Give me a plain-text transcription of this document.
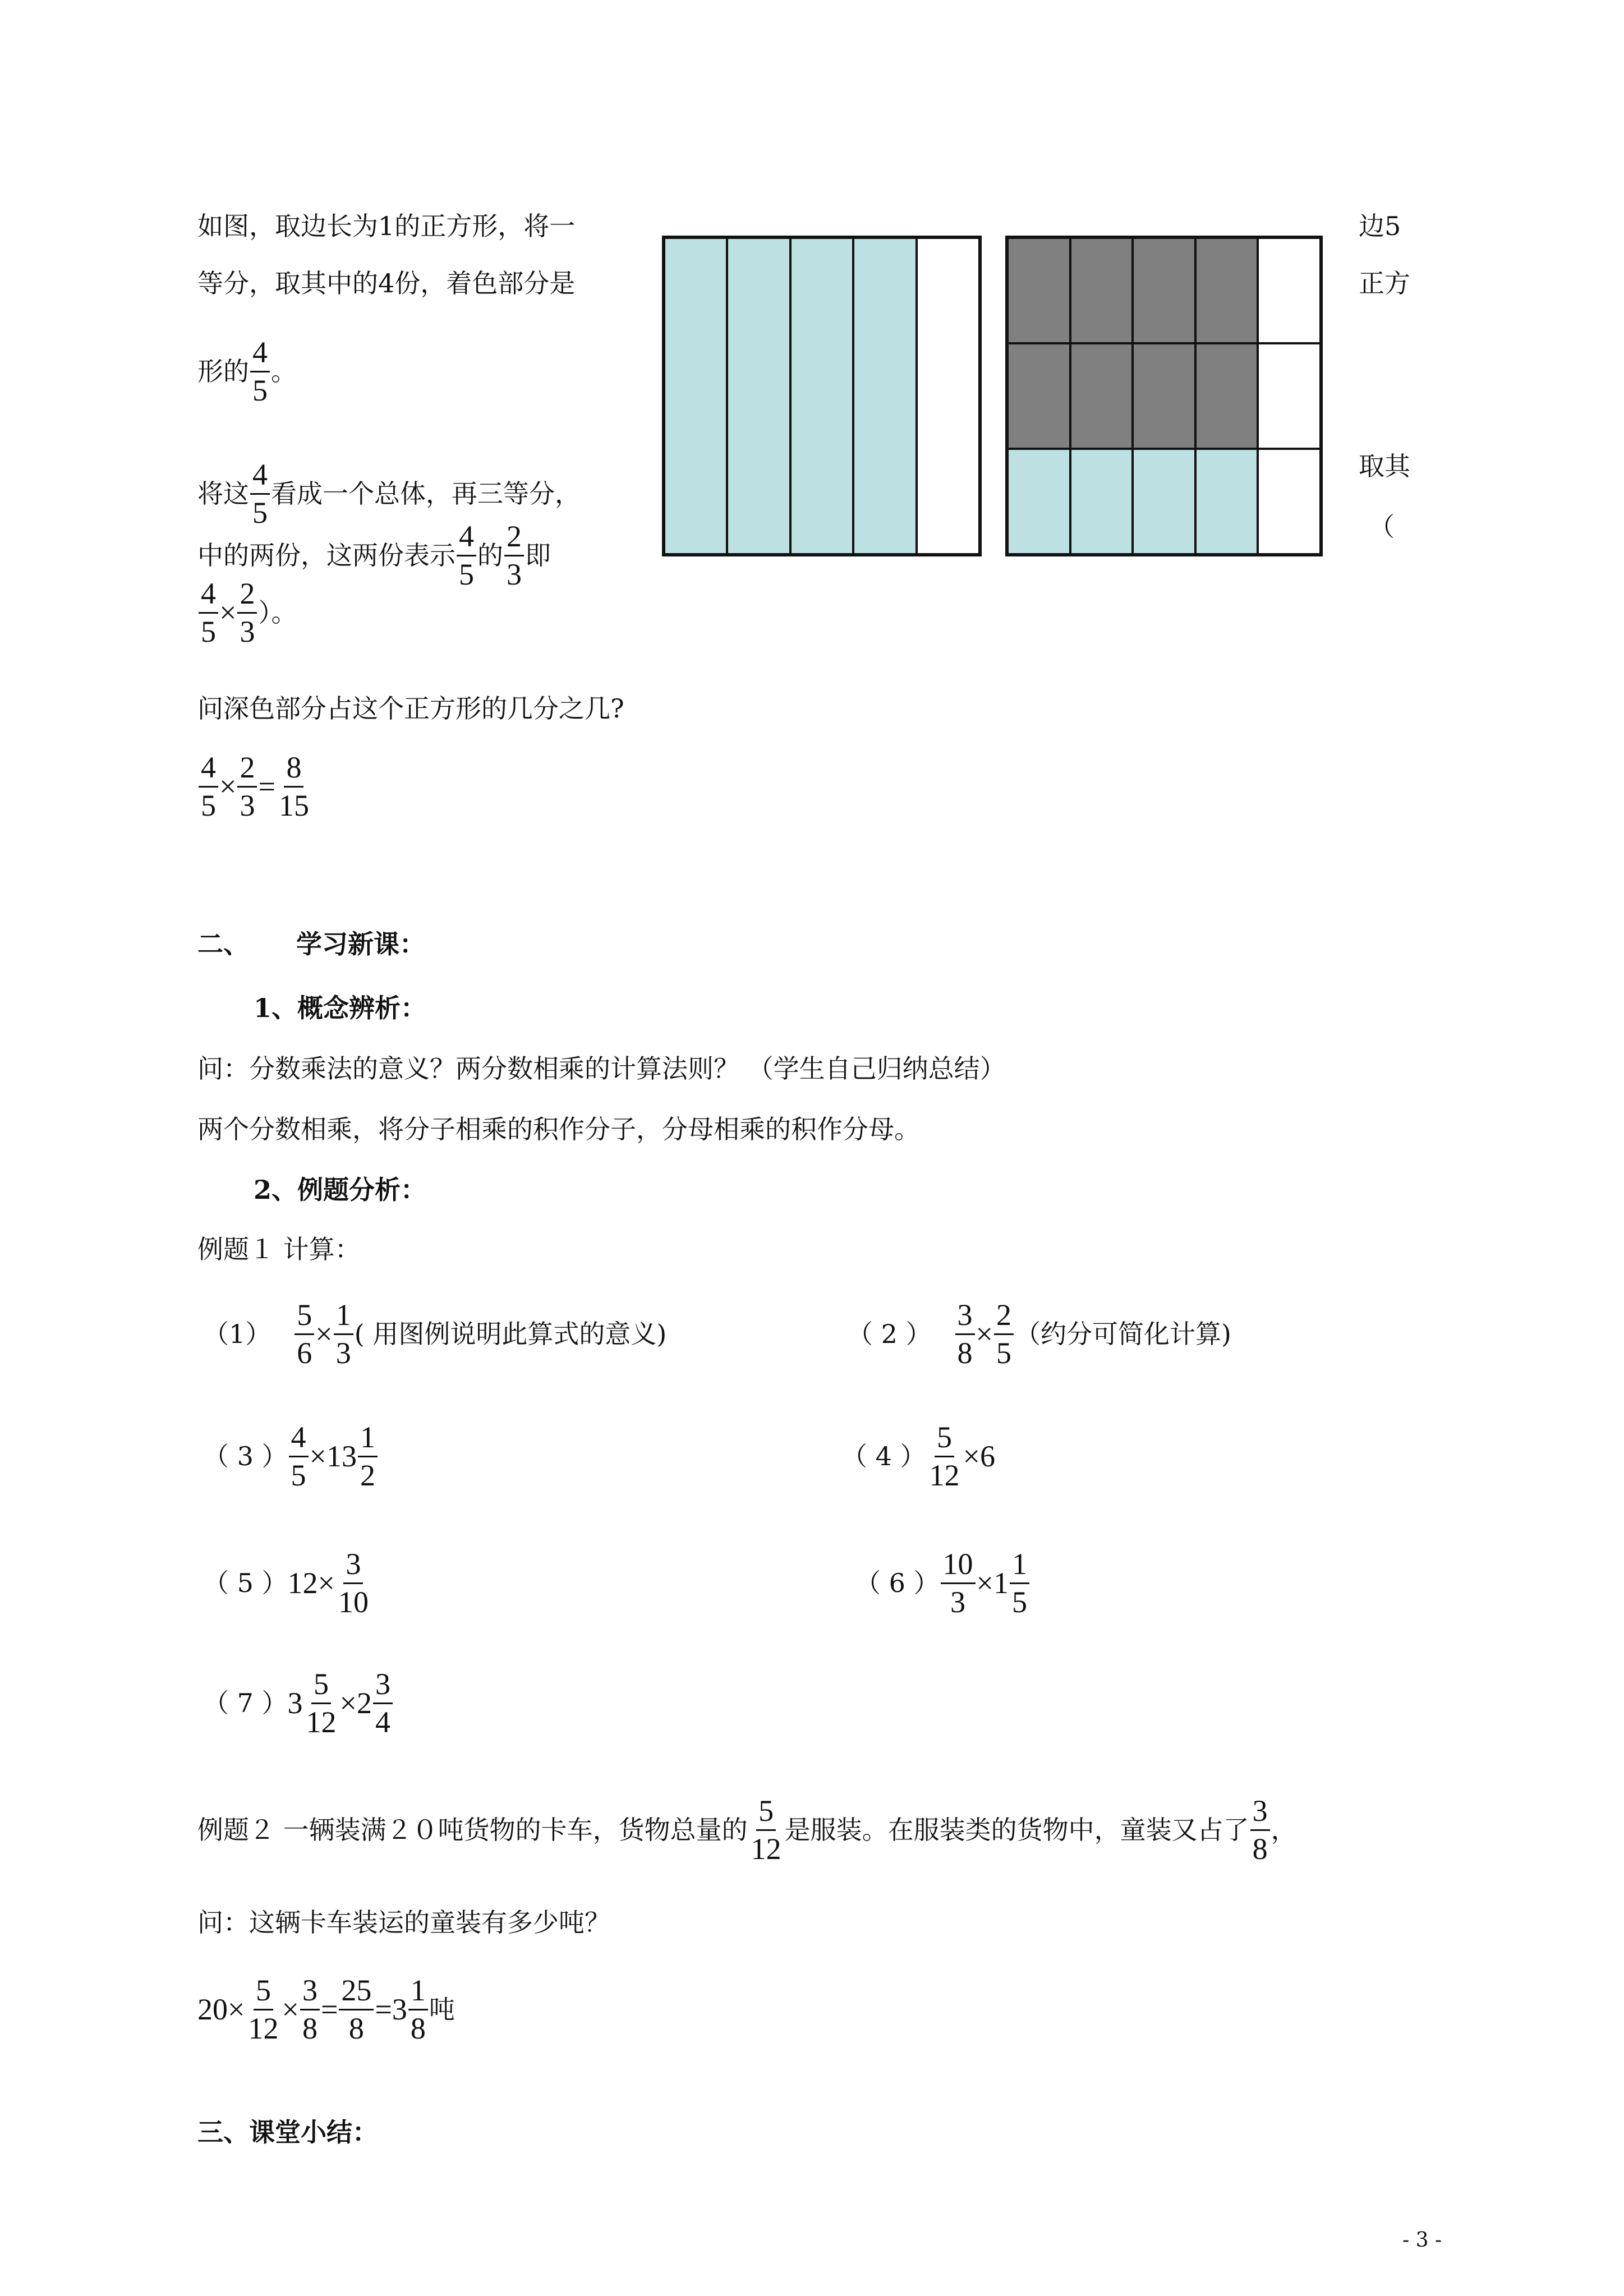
如图，取边长为1的正方形，将一	边5
等分，取其中的4份，着色部分是	正方
形的 $\frac{4}{5}$ 。
将这 $\frac{4}{5}$ 看成一个总体，再三等分，
取其
中的两份，这两份表示 $\frac{4}{5}$ 的 $\frac{2}{3}$ 即
（
$\frac{4}{5} \times \frac{2}{3}$ ）。
问深色部分占这个正方形的几分之几?
$\frac{4}{5} \times \frac{2}{3} = \frac{8}{15}$
二、 学习新课：
1、概念辨析：
问：分数乘法的意义？两分数相乘的计算法则？ （学生自己归纳总结）
两个分数相乘，将分子相乘的积作分子，分母相乘的积作分母。
2、例题分析：
例题１ 计算：
$(1) \frac{5}{6} \times \frac{1}{3}$ ( 用图例说明此算式的意义)	（ 2 ） $\frac{3}{8} \times \frac{2}{5}$ （约分可简化计算)
（ 3 ） $\frac{4}{5} \times 13 \frac{1}{2}$	（ 4 ） $\frac{5}{12} \times 6$
（ 5 ） $12\times \frac{3}{10}$	（ 6 ） $\frac{10}{3} \times 1 \frac{1}{5}$
（ 7 ） $3 \frac{5}{12} \times 2 \frac{3}{4}$
例题２ 一辆装满２０吨货物的卡车，货物总量的 $\frac{5}{12}$ 是服装。在服装类的货物中，童装又占了 $\frac{3}{8}$ ，
问：这辆卡车装运的童装有多少吨？
$20\times \frac{5}{12} \times \frac{3}{8} = \frac{25}{8} =3 \frac{1}{8}$ 吨
三、课堂小结：
- 3 -
